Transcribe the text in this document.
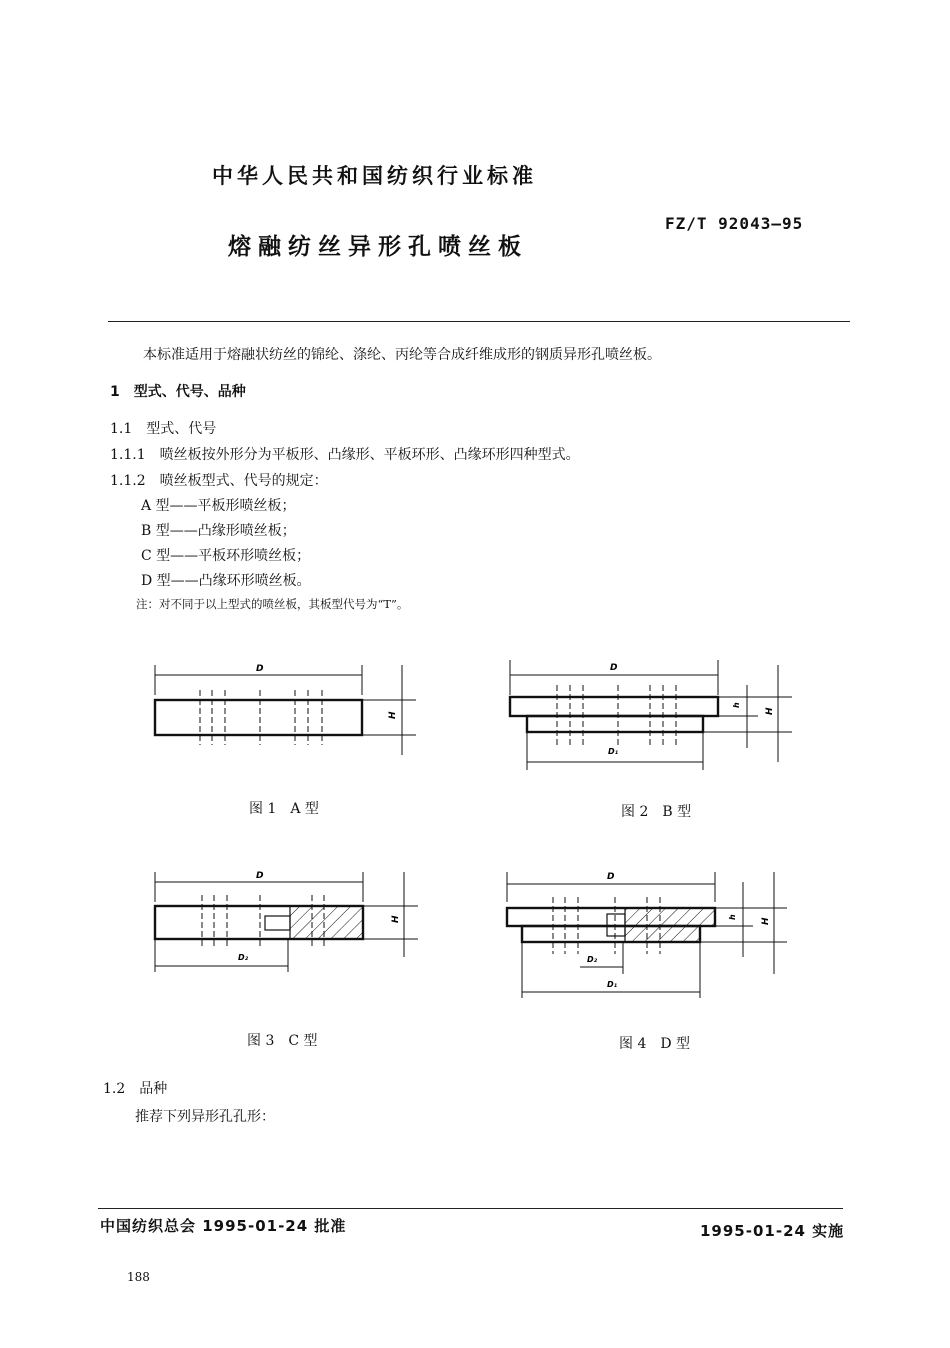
中华人民共和国纺织行业标准
FZ/T 92043—95
熔融纺丝异形孔喷丝板
本标准适用于熔融状纺丝的锦纶、涤纶、丙纶等合成纤维成形的钢质异形孔喷丝板。
1　型式、代号、品种
1.1　型式、代号
1.1.1　喷丝板按外形分为平板形、凸缘形、平板环形、凸缘环形四种型式。
1.1.2　喷丝板型式、代号的规定：
A 型——平板形喷丝板；
B 型——凸缘形喷丝板；
C 型——平板环形喷丝板；
D 型——凸缘环形喷丝板。
注：对不同于以上型式的喷丝板，其板型代号为“T”。
D
H
图 1　A 型
D
D₁
h
H
图 2　B 型
D
D₂
H
图 3　C 型
D
D₂
D₁
h
H
图 4　D 型
1.2　品种
推荐下列异形孔孔形：
中国纺织总会 1995-01-24 批准	1995-01-24 实施
188
